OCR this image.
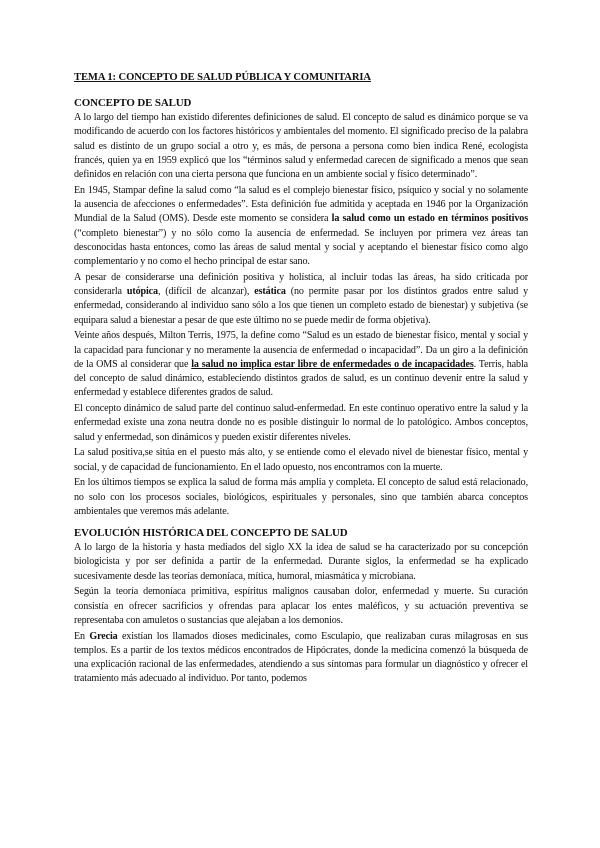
TEMA 1: CONCEPTO DE SALUD PÚBLICA Y COMUNITARIA
CONCEPTO DE SALUD

A lo largo del tiempo han existido diferentes definiciones de salud. El concepto de salud es dinámico porque se va modificando de acuerdo con los factores históricos y ambientales del momento. El significado preciso de la palabra salud es distinto de un grupo social a otro y, es más, de persona a persona como bien indica René, ecologista francés, quien ya en 1959 explicó que los “términos salud y enfermedad carecen de significado a menos que sean definidos en relación con una cierta persona que funciona en un ambiente social y físico determinado”.

En 1945, Stampar define la salud como “la salud es el complejo bienestar físico, psíquico y social y no solamente la ausencia de afecciones o enfermedades”. Esta definición fue admitida y aceptada en 1946 por la Organización Mundial de la Salud (OMS). Desde este momento se considera la salud como un estado en términos positivos (“completo bienestar”) y no sólo como la ausencia de enfermedad. Se incluyen por primera vez áreas tan desconocidas hasta entonces, como las áreas de salud mental y social y aceptando el bienestar físico como algo complementario y no como el hecho principal de estar sano.

A pesar de considerarse una definición positiva y holística, al incluir todas las áreas, ha sido criticada por considerarla utópica, (difícil de alcanzar), estática (no permite pasar por los distintos grados entre salud y enfermedad, considerando al individuo sano sólo a los que tienen un completo estado de bienestar) y subjetiva (se equipara salud a bienestar a pesar de que este último no se puede medir de forma objetiva).

Veinte años después, Milton Terris, 1975, la define como “Salud es un estado de bienestar físico, mental y social y la capacidad para funcionar y no meramente la ausencia de enfermedad o incapacidad”. Da un giro a la definición de la OMS al considerar que la salud no implica estar libre de enfermedades o de incapacidades. Terris, habla del concepto de salud dinámico, estableciendo distintos grados de salud, es un continuo devenir entre la salud y enfermedad y establece diferentes grados de salud.

El concepto dinámico de salud parte del continuo salud-enfermedad. En este continuo operativo entre la salud y la enfermedad existe una zona neutra donde no es posible distinguir lo normal de lo patológico. Ambos conceptos, salud y enfermedad, son dinámicos y pueden existir diferentes niveles.

La salud positiva,se sitúa en el puesto más alto, y se entiende como el elevado nivel de bienestar físico, mental y social, y de capacidad de funcionamiento. En el lado opuesto, nos encontramos con la muerte.

En los últimos tiempos se explica la salud de forma más amplia y completa. El concepto de salud está relacionado, no solo con los procesos sociales, biológicos, espirituales y personales, sino que también abarca conceptos ambientales que veremos más adelante.

EVOLUCIÓN HISTÓRICA DEL CONCEPTO DE SALUD

A lo largo de la historia y hasta mediados del siglo XX la idea de salud se ha caracterizado por su concepción biologicista y por ser definida a partir de la enfermedad. Durante siglos, la enfermedad se ha explicado sucesivamente desde las teorías demoníaca, mítica, humoral, miasmática y microbiana.

Según la teoría demoníaca primitiva, espíritus malignos causaban dolor, enfermedad y muerte. Su curación consistía en ofrecer sacrificios y ofrendas para aplacar los entes maléficos, y su actuación preventiva se representaba con amuletos o sustancias que alejaban a los demonios.

En Grecia existían los llamados dioses medicinales, como Esculapio, que realizaban curas milagrosas en sus templos. Es a partir de los textos médicos encontrados de Hipócrates, donde la medicina comenzó la búsqueda de una explicación racional de las enfermedades, atendiendo a sus síntomas para formular un diagnóstico y ofrecer el tratamiento más adecuado al individuo. Por tanto, podemos
